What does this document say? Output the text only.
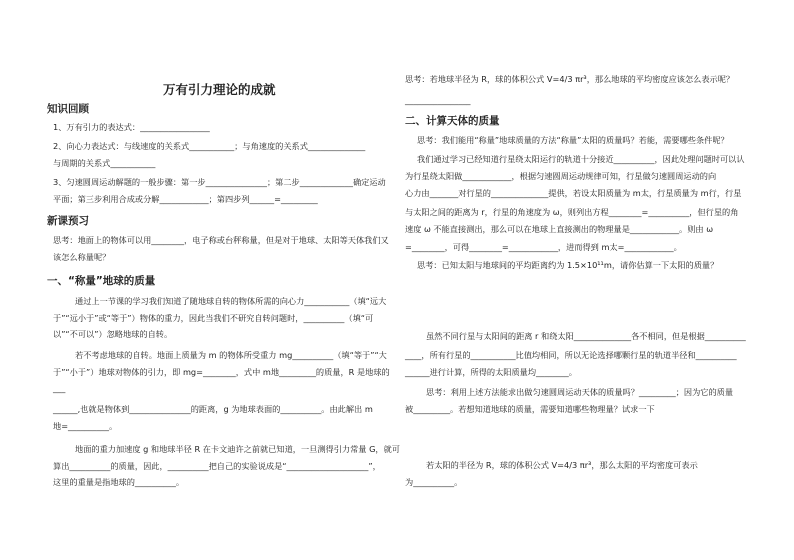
万有引力理论的成就
知识回顾
1、万有引力的表达式：_________________
2、向心力表达式：与线速度的关系式___________；与角速度的关系式______________
与周期的关系式___________
3、匀速圆周运动解题的一般步骤：第一步_______________；第二步_____________确定运动
平面；第三步利用合成或分解____________；第四步列______=_________
新课预习
思考：地面上的物体可以用________，电子称或台秤称量，但是对于地球、太阳等天体我们又
该怎么称量呢？
一、“称量”地球的质量
通过上一节课的学习我们知道了随地球自转的物体所需的向心力___________（填“远大
于”“远小于”或“等于”）物体的重力，因此当我们不研究自转问题时，__________（填“可
以”“不可以”）忽略地球的自转。
若不考虑地球的自转。地面上质量为 m 的物体所受重力 mg__________（填“等于”“大
于”“小于”）地球对物体的引力，即 mg=________，式中 m地_________的质量，R 是地球的
___
______,也就是物体到_______________的距离，g 为地球表面的__________。由此解出 m
地=__________。
地面的重力加速度 g 和地球半径 R 在卡文迪许之前就已知道，一旦测得引力常量 G，就可
算出__________的质量，因此，__________把自己的实验说成是“____________________”，
这里的重量是指地球的__________。
思考：若地球半径为 R，球的体积公式 V=4/3 πr³，那么地球的平均密度应该怎么表示呢？
________________
二、计算天体的质量
思考：我们能用“称量”地球质量的方法“称量”太阳的质量吗？若能，需要哪些条件呢？
我们通过学习已经知道行星绕太阳运行的轨道十分接近__________，因此处理问题时可以认
为行星绕太阳做____________，根据匀速圆周运动规律可知，行星做匀速圆周运动的向
心力由_______对行星的______________提供，若设太阳质量为 m太，行星质量为 m行，行星
与太阳之间的距离为 r，行星的角速度为 ω，则列出方程________=__________，但行星的角
速度 ω 不能直接测出，那么可以在地球上直接测出的物理量是____________。则由 ω
=________，可得________=____________，进而得到 m太=____________。
思考：已知太阳与地球间的平均距离约为 1.5×10¹¹m，请你估算一下太阳的质量？
虽然不同行星与太阳间的距离 r 和绕太阳______________各不相同，但是根据__________
____，所有行星的___________比值均相同，所以无论选择哪颗行星的轨道半径和__________
______进行计算，所得的太阳质量均________。
思考：利用上述方法能求出做匀速圆周运动天体的质量吗？_________；因为它的质量
被_________。若想知道地球的质量，需要知道哪些物理量？试求一下
若太阳的半径为 R，球的体积公式 V=4/3 πr³，那么太阳的平均密度可表示
为__________。
